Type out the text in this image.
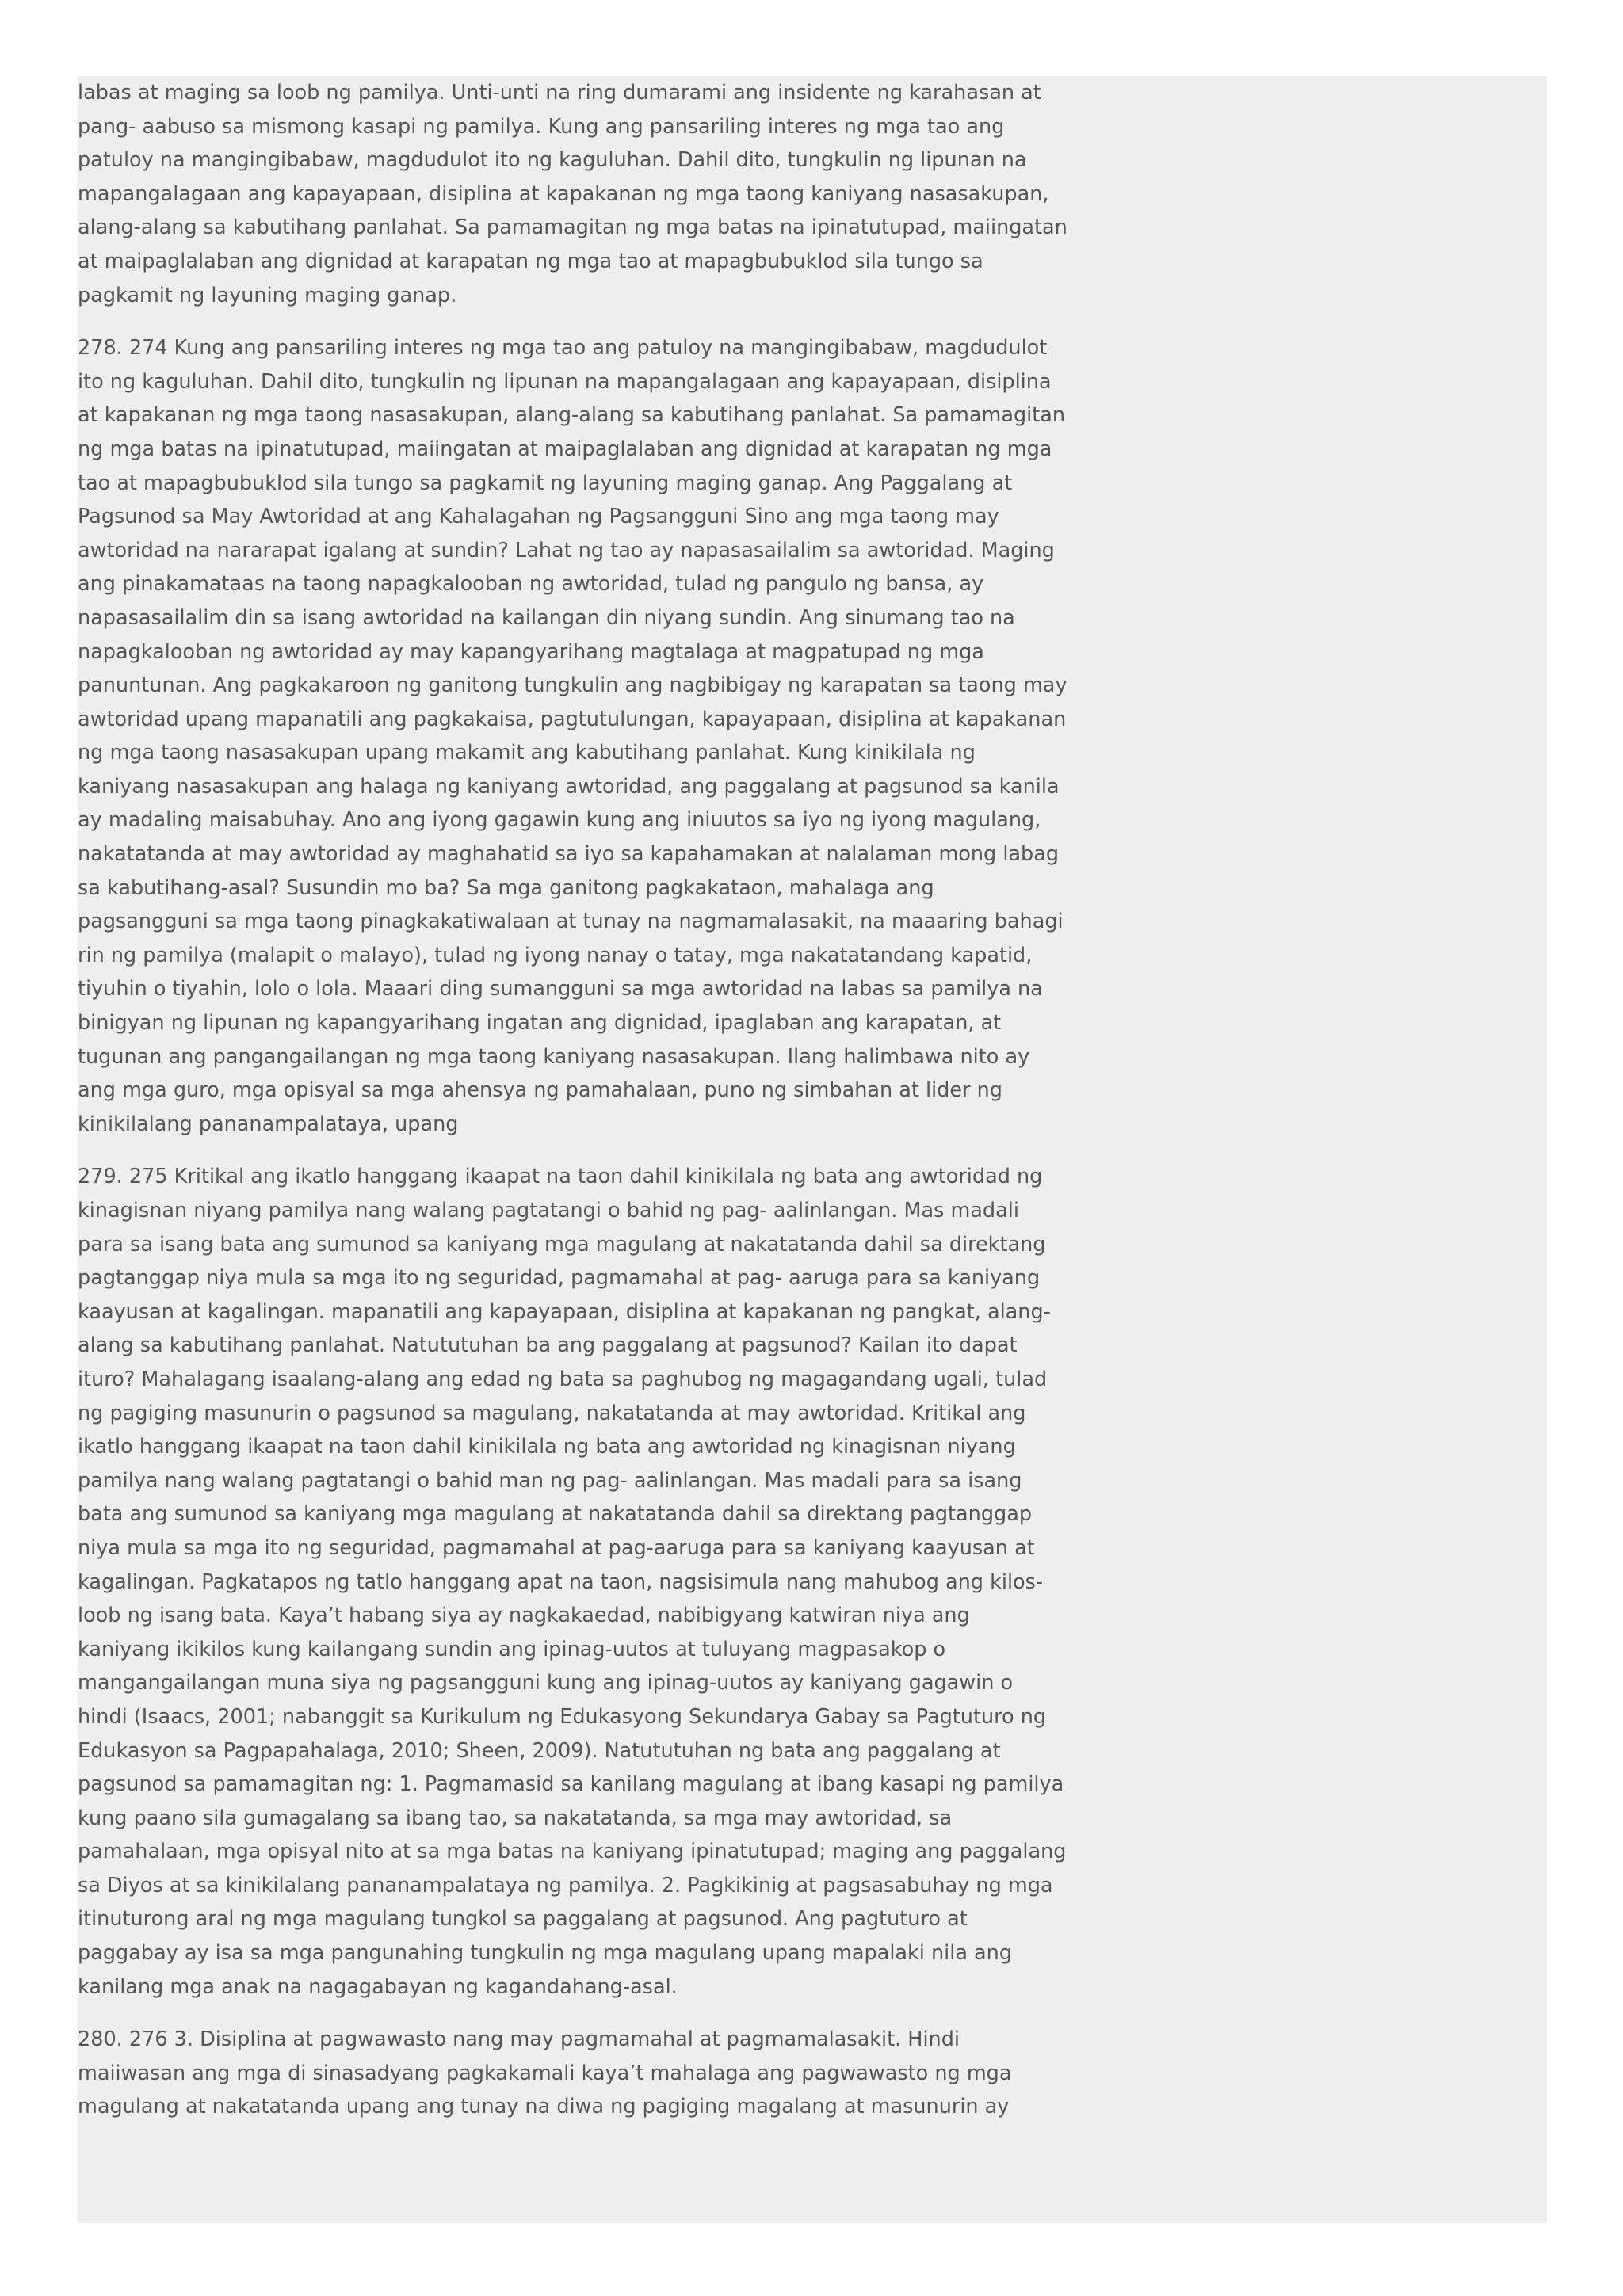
labas at maging sa loob ng pamilya. Unti-unti na ring dumarami ang insidente ng karahasan at pang- aabuso sa mismong kasapi ng pamilya. Kung ang pansariling interes ng mga tao ang patuloy na mangingibabaw, magdudulot ito ng kaguluhan. Dahil dito, tungkulin ng lipunan na mapangalagaan ang kapayapaan, disiplina at kapakanan ng mga taong kaniyang nasasakupan, alang-alang sa kabutihang panlahat. Sa pamamagitan ng mga batas na ipinatutupad, maiingatan at maipaglalaban ang dignidad at karapatan ng mga tao at mapagbubuklod sila tungo sa pagkamit ng layuning maging ganap.

278. 274 Kung ang pansariling interes ng mga tao ang patuloy na mangingibabaw, magdudulot ito ng kaguluhan. Dahil dito, tungkulin ng lipunan na mapangalagaan ang kapayapaan, disiplina at kapakanan ng mga taong nasasakupan, alang-alang sa kabutihang panlahat. Sa pamamagitan ng mga batas na ipinatutupad, maiingatan at maipaglalaban ang dignidad at karapatan ng mga tao at mapagbubuklod sila tungo sa pagkamit ng layuning maging ganap. Ang Paggalang at Pagsunod sa May Awtoridad at ang Kahalagahan ng Pagsangguni Sino ang mga taong may awtoridad na nararapat igalang at sundin? Lahat ng tao ay napasasailalim sa awtoridad. Maging ang pinakamataas na taong napagkalooban ng awtoridad, tulad ng pangulo ng bansa, ay napasasailalim din sa isang awtoridad na kailangan din niyang sundin. Ang sinumang tao na napagkalooban ng awtoridad ay may kapangyarihang magtalaga at magpatupad ng mga panuntunan. Ang pagkakaroon ng ganitong tungkulin ang nagbibigay ng karapatan sa taong may awtoridad upang mapanatili ang pagkakaisa, pagtutulungan, kapayapaan, disiplina at kapakanan ng mga taong nasasakupan upang makamit ang kabutihang panlahat. Kung kinikilala ng kaniyang nasasakupan ang halaga ng kaniyang awtoridad, ang paggalang at pagsunod sa kanila ay madaling maisabuhay. Ano ang iyong gagawin kung ang iniuutos sa iyo ng iyong magulang, nakatatanda at may awtoridad ay maghahatid sa iyo sa kapahamakan at nalalaman mong labag sa kabutihang-asal? Susundin mo ba? Sa mga ganitong pagkakataon, mahalaga ang pagsangguni sa mga taong pinagkakatiwalaan at tunay na nagmamalasakit, na maaaring bahagi rin ng pamilya (malapit o malayo), tulad ng iyong nanay o tatay, mga nakatatandang kapatid, tiyuhin o tiyahin, lolo o lola. Maaari ding sumangguni sa mga awtoridad na labas sa pamilya na binigyan ng lipunan ng kapangyarihang ingatan ang dignidad, ipaglaban ang karapatan, at tugunan ang pangangailangan ng mga taong kaniyang nasasakupan. Ilang halimbawa nito ay ang mga guro, mga opisyal sa mga ahensya ng pamahalaan, puno ng simbahan at lider ng kinikilalang pananampalataya, upang

279. 275 Kritikal ang ikatlo hanggang ikaapat na taon dahil kinikilala ng bata ang awtoridad ng kinagisnan niyang pamilya nang walang pagtatangi o bahid ng pag- aalinlangan. Mas madali para sa isang bata ang sumunod sa kaniyang mga magulang at nakatatanda dahil sa direktang pagtanggap niya mula sa mga ito ng seguridad, pagmamahal at pag- aaruga para sa kaniyang kaayusan at kagalingan. mapanatili ang kapayapaan, disiplina at kapakanan ng pangkat, alang-alang sa kabutihang panlahat. Natututuhan ba ang paggalang at pagsunod? Kailan ito dapat ituro? Mahalagang isaalang-alang ang edad ng bata sa paghubog ng magagandang ugali, tulad ng pagiging masunurin o pagsunod sa magulang, nakatatanda at may awtoridad. Kritikal ang ikatlo hanggang ikaapat na taon dahil kinikilala ng bata ang awtoridad ng kinagisnan niyang pamilya nang walang pagtatangi o bahid man ng pag- aalinlangan. Mas madali para sa isang bata ang sumunod sa kaniyang mga magulang at nakatatanda dahil sa direktang pagtanggap niya mula sa mga ito ng seguridad, pagmamahal at pag-aaruga para sa kaniyang kaayusan at kagalingan. Pagkatapos ng tatlo hanggang apat na taon, nagsisimula nang mahubog ang kilos- loob ng isang bata. Kaya’t habang siya ay nagkakaedad, nabibigyang katwiran niya ang kaniyang ikikilos kung kailangang sundin ang ipinag-uutos at tuluyang magpasakop o mangangailangan muna siya ng pagsangguni kung ang ipinag-uutos ay kaniyang gagawin o hindi (Isaacs, 2001; nabanggit sa Kurikulum ng Edukasyong Sekundarya Gabay sa Pagtuturo ng Edukasyon sa Pagpapahalaga, 2010; Sheen, 2009). Natututuhan ng bata ang paggalang at pagsunod sa pamamagitan ng: 1. Pagmamasid sa kanilang magulang at ibang kasapi ng pamilya kung paano sila gumagalang sa ibang tao, sa nakatatanda, sa mga may awtoridad, sa pamahalaan, mga opisyal nito at sa mga batas na kaniyang ipinatutupad; maging ang paggalang sa Diyos at sa kinikilalang pananampalataya ng pamilya. 2. Pagkikinig at pagsasabuhay ng mga itinuturong aral ng mga magulang tungkol sa paggalang at pagsunod. Ang pagtuturo at paggabay ay isa sa mga pangunahing tungkulin ng mga magulang upang mapalaki nila ang kanilang mga anak na nagagabayan ng kagandahang-asal.

280. 276 3. Disiplina at pagwawasto nang may pagmamahal at pagmamalasakit. Hindi maiiwasan ang mga di sinasadyang pagkakamali kaya’t mahalaga ang pagwawasto ng mga magulang at nakatatanda upang ang tunay na diwa ng pagiging magalang at masunurin ay
